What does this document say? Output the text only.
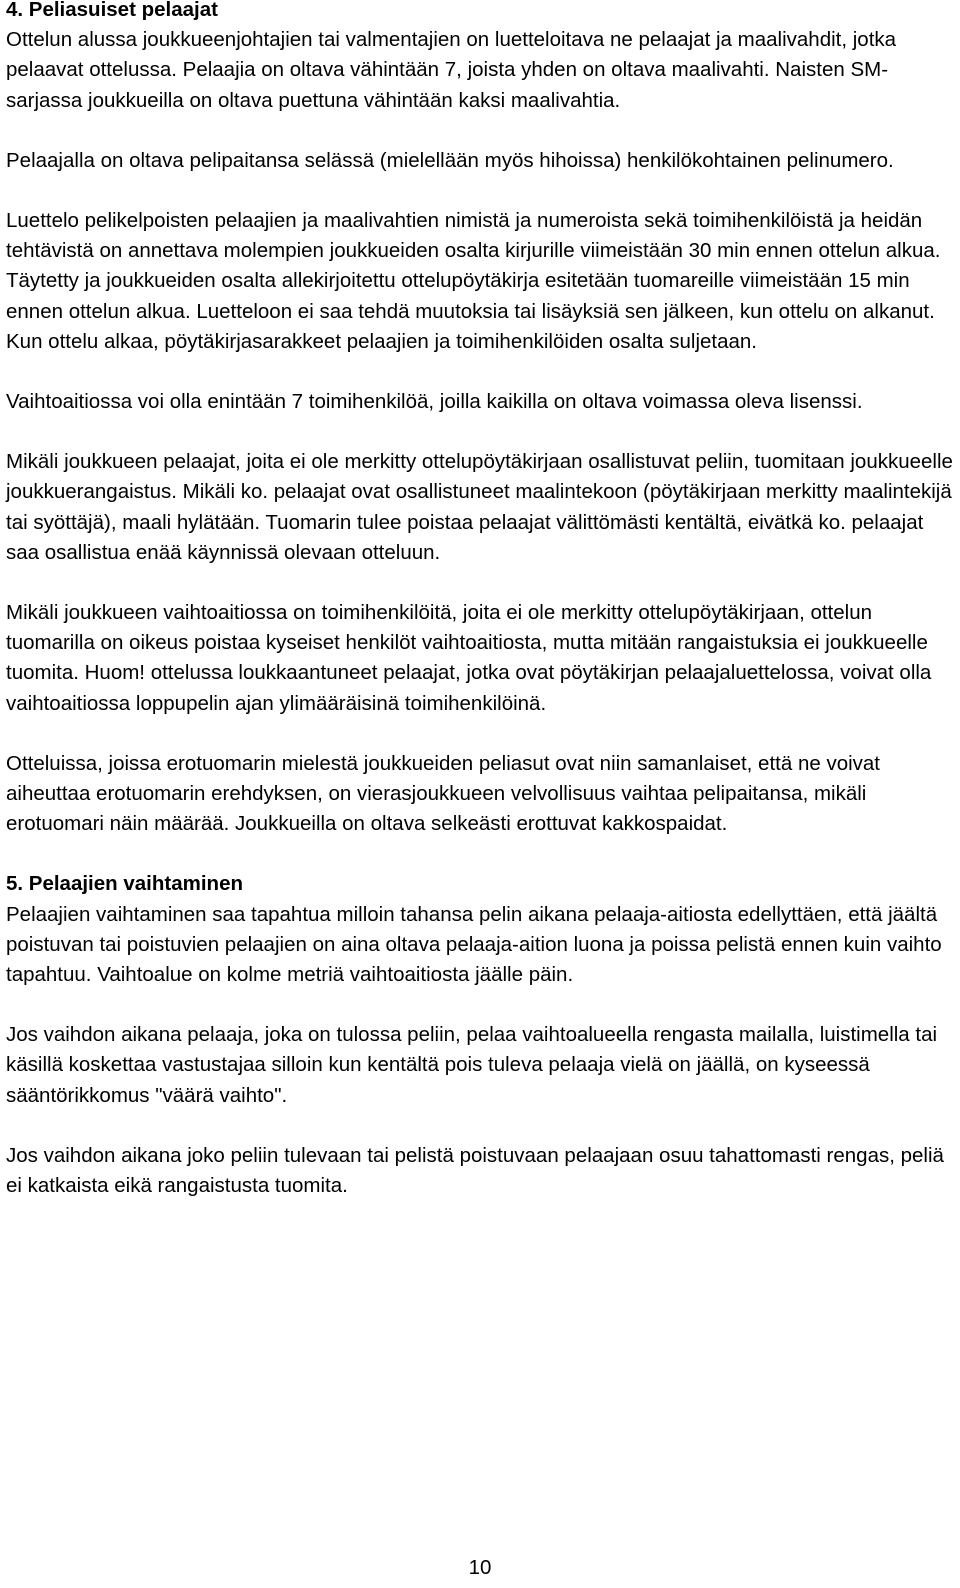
4. Peliasuiset pelaajat

Ottelun alussa joukkueenjohtajien tai valmentajien on luetteloitava ne pelaajat ja maalivahdit, jotka pelaavat ottelussa. Pelaajia on oltava vähintään 7, joista yhden on oltava maalivahti. Naisten SM-sarjassa joukkueilla on oltava puettuna vähintään kaksi maalivahtia.

Pelaajalla on oltava pelipaitansa selässä (mielellään myös hihoissa) henkilökohtainen pelinumero.

Luettelo pelikelpoisten pelaajien ja maalivahtien nimistä ja numeroista sekä toimihenkilöistä ja heidän tehtävistä on annettava molempien joukkueiden osalta kirjurille viimeistään 30 min ennen ottelun alkua. Täytetty ja joukkueiden osalta allekirjoitettu ottelupöytäkirja esitetään tuomareille viimeistään 15 min ennen ottelun alkua. Luetteloon ei saa tehdä muutoksia tai lisäyksiä sen jälkeen, kun ottelu on alkanut. Kun ottelu alkaa, pöytäkirjasarakkeet pelaajien ja toimihenkilöiden osalta suljetaan.

Vaihtoaitiossa voi olla enintään 7 toimihenkilöä, joilla kaikilla on oltava voimassa oleva lisenssi.

Mikäli joukkueen pelaajat, joita ei ole merkitty ottelupöytäkirjaan osallistuvat peliin, tuomitaan joukkueelle joukkuerangaistus. Mikäli ko. pelaajat ovat osallistuneet maalintekoon (pöytäkirjaan merkitty maalintekijä tai syöttäjä), maali hylätään. Tuomarin tulee poistaa pelaajat välittömästi kentältä, eivätkä ko. pelaajat saa osallistua enää käynnissä olevaan otteluun.

Mikäli joukkueen vaihtoaitiossa on toimihenkilöitä, joita ei ole merkitty ottelupöytäkirjaan, ottelun tuomarilla on oikeus poistaa kyseiset henkilöt vaihtoaitiosta, mutta mitään rangaistuksia ei joukkueelle tuomita. Huom! ottelussa loukkaantuneet pelaajat, jotka ovat pöytäkirjan pelaajaluettelossa, voivat olla vaihtoaitiossa loppupelin ajan ylimääräisinä toimihenkilöinä.

Otteluissa, joissa erotuomarin mielestä joukkueiden peliasut ovat niin samanlaiset, että ne voivat aiheuttaa erotuomarin erehdyksen, on vierasjoukkueen velvollisuus vaihtaa pelipaitansa, mikäli erotuomari näin määrää. Joukkueilla on oltava selkeästi erottuvat kakkospaidat.

5. Pelaajien vaihtaminen

Pelaajien vaihtaminen saa tapahtua milloin tahansa pelin aikana pelaaja-aitiosta edellyttäen, että jäältä poistuvan tai poistuvien pelaajien on aina oltava pelaaja-aition luona ja poissa pelistä ennen kuin vaihto tapahtuu. Vaihtoalue on kolme metriä vaihtoaitiosta jäälle päin.

Jos vaihdon aikana pelaaja, joka on tulossa peliin, pelaa vaihtoalueella rengasta mailalla, luistimella tai käsillä koskettaa vastustajaa silloin kun kentältä pois tuleva pelaaja vielä on jäällä, on kyseessä sääntörikkomus "väärä vaihto".

Jos vaihdon aikana joko peliin tulevaan tai pelistä poistuvaan pelaajaan osuu tahattomasti rengas, peliä ei katkaista eikä rangaistusta tuomita.

10
